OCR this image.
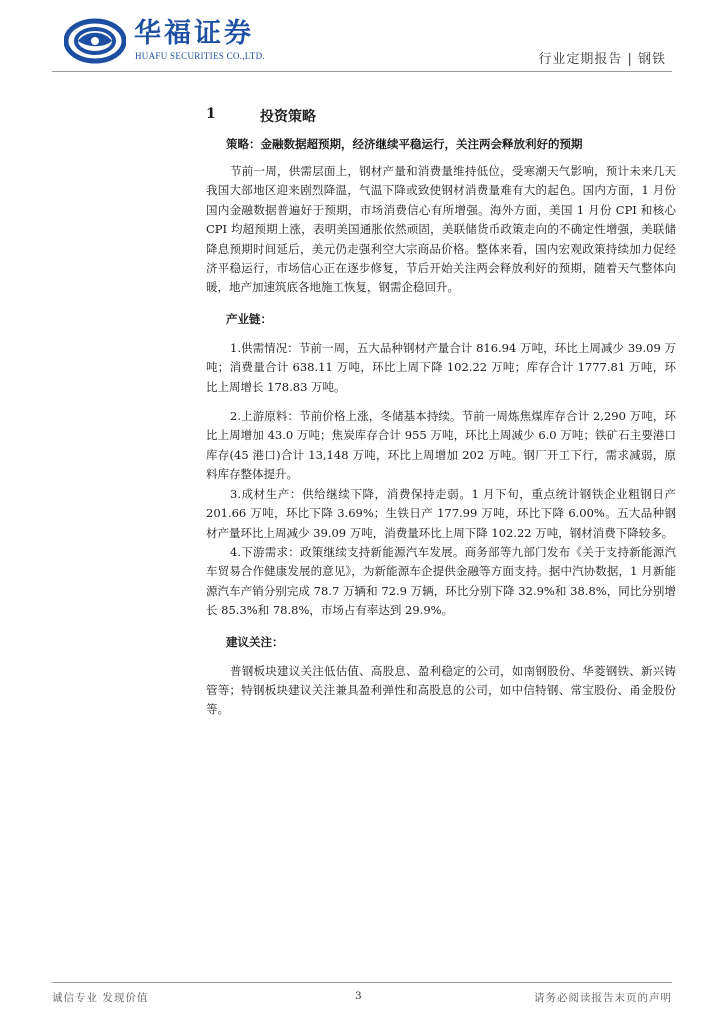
华福证券
HUAFU SECURITIES CO.,LTD.	行业定期报告 | 钢铁
1	投资策略

策略：金融数据超预期，经济继续平稳运行，关注两会释放利好的预期

节前一周，供需层面上，钢材产量和消费量维持低位，受寒潮天气影响，预计未来几天我国大部地区迎来剧烈降温，气温下降或致使钢材消费量难有大的起色。国内方面，1 月份国内金融数据普遍好于预期，市场消费信心有所增强。海外方面，美国 1 月份 CPI 和核心 CPI 均超预期上涨，表明美国通胀依然顽固，美联储货币政策走向的不确定性增强，美联储降息预期时间延后，美元仍走强利空大宗商品价格。整体来看，国内宏观政策持续加力促经济平稳运行，市场信心正在逐步修复，节后开始关注两会释放利好的预期，随着天气整体向暖，地产加速筑底各地施工恢复，钢需企稳回升。

产业链：

1.供需情况：节前一周，五大品种钢材产量合计 816.94 万吨，环比上周减少 39.09 万吨；消费量合计 638.11 万吨，环比上周下降 102.22 万吨；库存合计 1777.81 万吨，环比上周增长 178.83 万吨。

2.上游原料：节前价格上涨，冬储基本持续。节前一周炼焦煤库存合计 2,290 万吨，环比上周增加 43.0 万吨；焦炭库存合计 955 万吨，环比上周减少 6.0 万吨；铁矿石主要港口库存(45 港口)合计 13,148 万吨，环比上周增加 202 万吨。钢厂开工下行，需求减弱，原料库存整体提升。

3.成材生产：供给继续下降，消费保持走弱。1 月下旬，重点统计钢铁企业粗钢日产 201.66 万吨，环比下降 3.69%；生铁日产 177.99 万吨，环比下降 6.00%。五大品种钢材产量环比上周减少 39.09 万吨，消费量环比上周下降 102.22 万吨，钢材消费下降较多。

4.下游需求：政策继续支持新能源汽车发展。商务部等九部门发布《关于支持新能源汽车贸易合作健康发展的意见》，为新能源车企提供金融等方面支持。据中汽协数据，1 月新能源汽车产销分别完成 78.7 万辆和 72.9 万辆，环比分别下降 32.9%和 38.8%，同比分别增长 85.3%和 78.8%，市场占有率达到 29.9%。

建议关注：

普钢板块建议关注低估值、高股息、盈利稳定的公司，如南钢股份、华菱钢铁、新兴铸管等；特钢板块建议关注兼具盈利弹性和高股息的公司，如中信特钢、常宝股份、甬金股份等。

诚信专业 发现价值	3	请务必阅读报告末页的声明
